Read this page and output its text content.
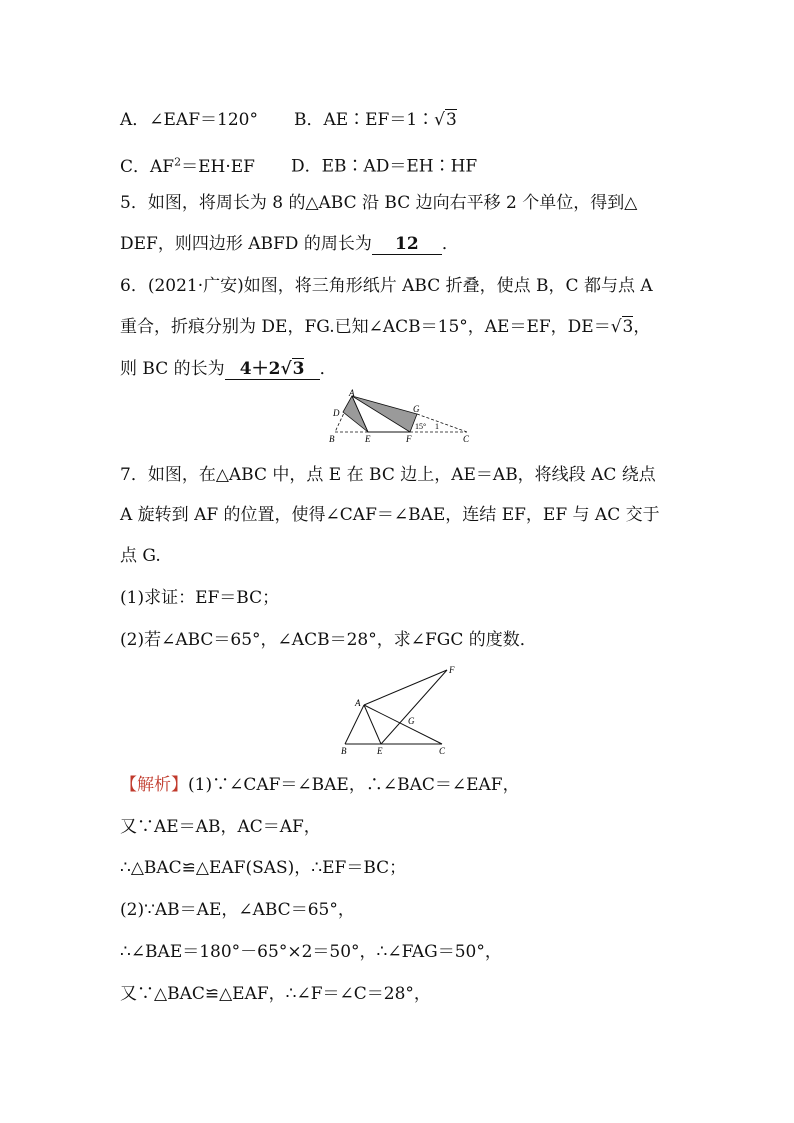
A．∠EAF＝120° B．AE∶EF＝1∶√3
C．$AF^2=EH\cdot EF$ D．EB∶AD＝EH∶HF
5．如图，将周长为 8 的△ABC 沿 BC 边向右平移 2 个单位，得到△
DEF，则四边形 ABFD 的周长为 12 ．
6．(2021·广安)如图，将三角形纸片 ABC 折叠，使点 B，C 都与点 A
重合，折痕分别为 DE，FG.已知∠ACB＝15°，AE＝EF，DE＝√3，
则 BC 的长为 4＋2√3 ．
A
D
B	E	F
G
C
15° 1
7．如图，在△ABC 中，点 E 在 BC 边上，AE＝AB，将线段 AC 绕点
A 旋转到 AF 的位置，使得∠CAF＝∠BAE，连结 EF，EF 与 AC 交于
点 G.
(1)求证：EF＝BC；
(2)若∠ABC＝65°，∠ACB＝28°，求∠FGC 的度数．
A
B	E	C
G
F
【解析】(1)∵∠CAF＝∠BAE，∴∠BAC＝∠EAF，
又∵AE＝AB，AC＝AF，
∴△BAC≌△EAF(SAS)，∴EF＝BC；
(2)∵AB＝AE，∠ABC＝65°，
∴∠BAE＝180°－65°×2＝50°，∴∠FAG＝50°，
又∵△BAC≌△EAF，∴∠F＝∠C＝28°，
